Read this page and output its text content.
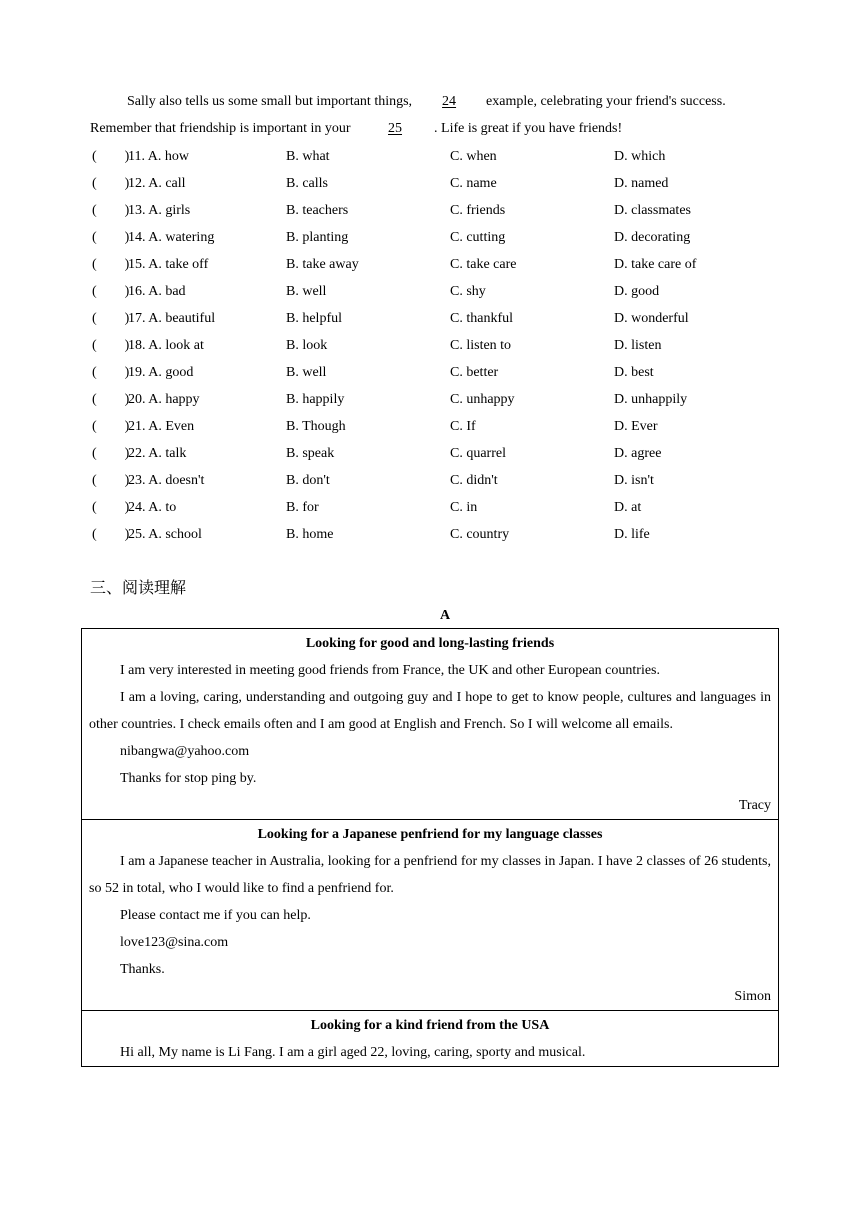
Sally also tells us some small but important things, 24 example, celebrating your friend's success.
Remember that friendship is important in your	25 . Life is great if you have friends!
(　　)
11. A. how	B. what	C. when	D. which
(　　)
12. A. call	B. calls	C. name	D. named
(　　)
13. A. girls	B. teachers	C. friends	D. classmates
(　　)
14. A. watering	B. planting	C. cutting	D. decorating
(　　)
15. A. take off	B. take away	C. take care	D. take care of
(　　)
16. A. bad	B. well	C. shy	D. good
(　　)
17. A. beautiful	B. helpful	C. thankful	D. wonderful
(　　)
18. A. look at	B. look	C. listen to	D. listen
(　　)
19. A. good	B. well	C. better	D. best
(　　)
20. A. happy	B. happily	C. unhappy	D. unhappily
(　　)
21. A. Even	B. Though	C. If	D. Ever
(　　)
22. A. talk	B. speak	C. quarrel	D. agree
(　　)
23. A. doesn't	B. don't	C. didn't	D. isn't
(　　)
24. A. to	B. for	C. in	D. at
(　　)
25. A. school	B. home	C. country	D. life
三、阅读理解
A
Looking for good and long-lasting friends

I am very interested in meeting good friends from France, the UK and other European countries.

I am a loving, caring, understanding and outgoing guy and I hope to get to know people, cultures and languages in other countries. I check emails often and I am good at English and French. So I will welcome all emails.

nibangwa@yahoo.com

Thanks for stop ping by.

Tracy
Looking for a Japanese penfriend for my language classes

I am a Japanese teacher in Australia, looking for a penfriend for my classes in Japan. I have 2 classes of 26 students, so 52 in total, who I would like to find a penfriend for.

Please contact me if you can help.

love123@sina.com

Thanks.

Simon
Looking for a kind friend from the USA

Hi all, My name is Li Fang. I am a girl aged 22, loving, caring, sporty and musical.
